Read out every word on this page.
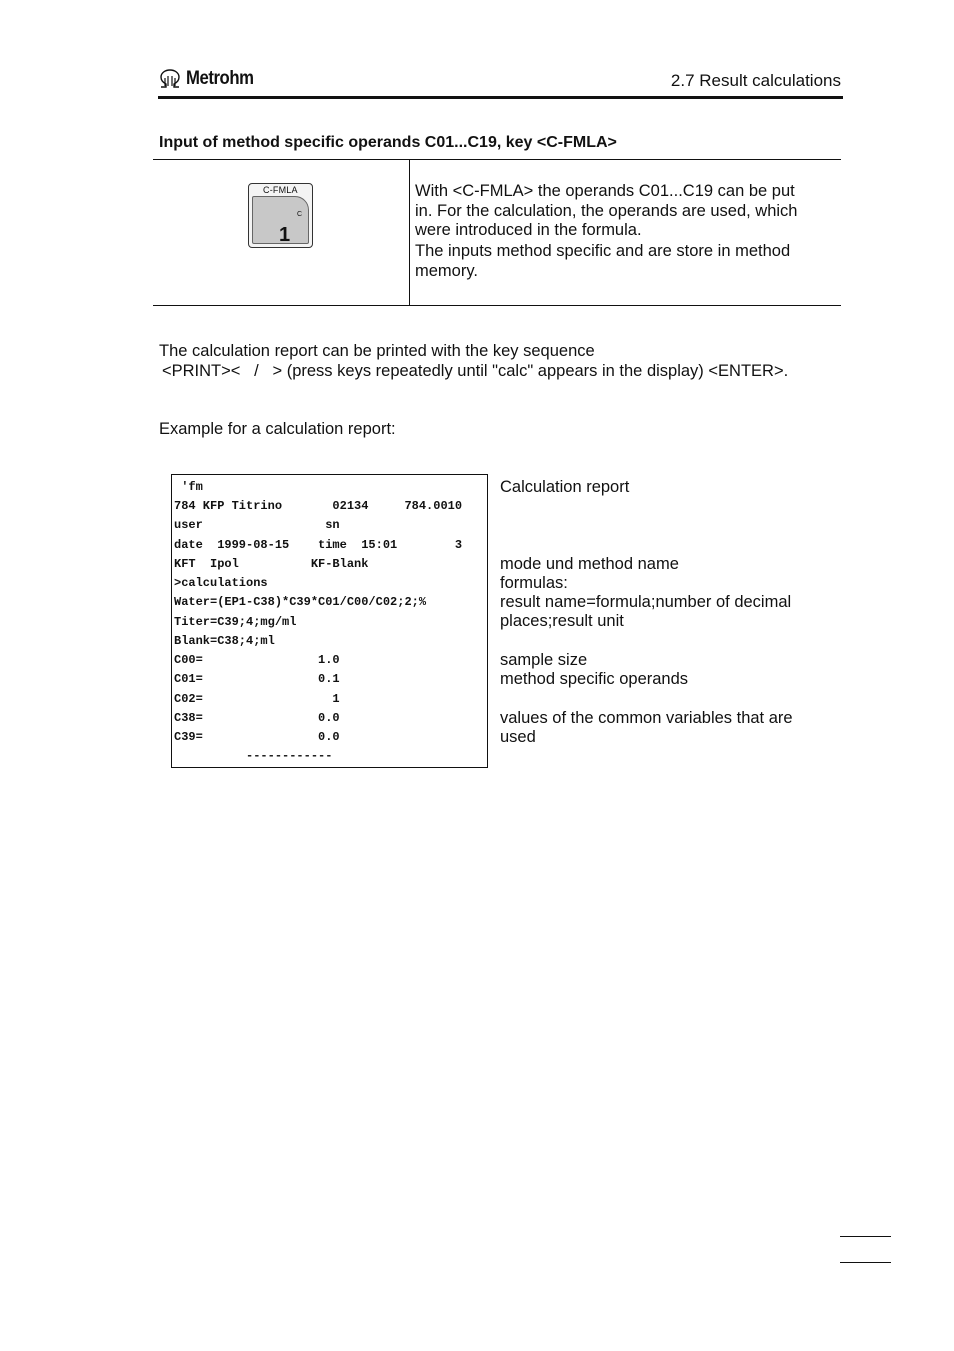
Metrohm	2.7 Result calculations
Input of method specific operands C01...C19, key <C-FMLA>
C-FMLA
C
1

With <C-FMLA> the operands C01...C19 can be put

in. For the calculation, the operands are used, which

were introduced in the formula.

The inputs method specific and are store in method

memory.

The calculation report can be printed with the key sequence
<PRINT><   /   > (press keys repeatedly until "calc" appears in the display) <ENTER>.
Example for a calculation report:
'fm
784 KFP Titrino       02134     784.0010
user                 sn
date  1999-08-15    time  15:01        3
KFT  Ipol          KF-Blank
>calculations
Water=(EP1-C38)*C39*C01/C00/C02;2;%
Titer=C39;4;mg/ml
Blank=C38;4;ml
C00=                1.0
C01=                0.1
C02=                  1
C38=                0.0
C39=                0.0
------------
Calculation report
mode und method name
formulas:
result name=formula;number of decimal
places;result unit
sample size
method specific operands
values of the common variables that are
used
